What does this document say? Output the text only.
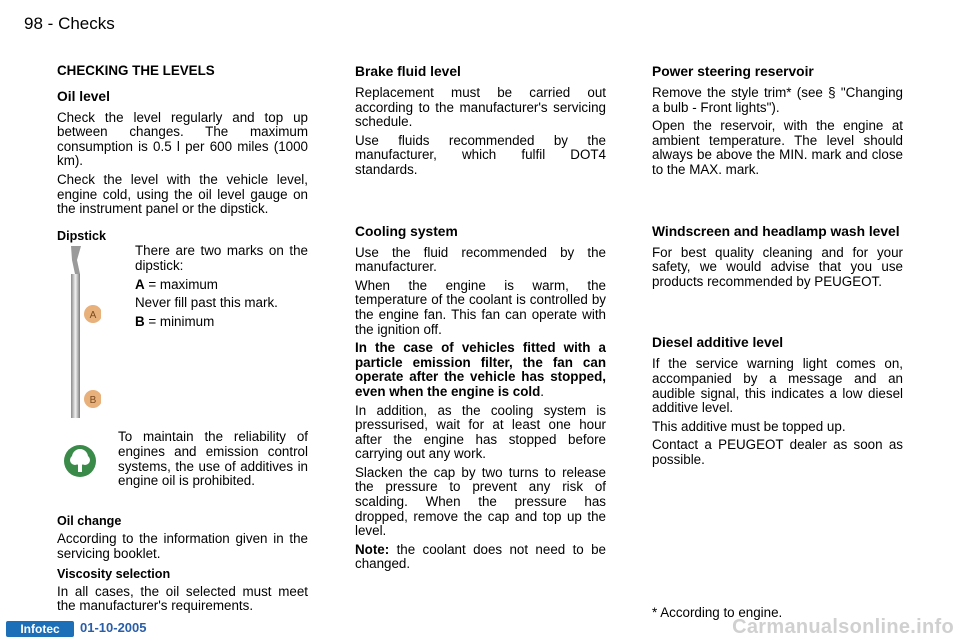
98 - Checks
CHECKING THE LEVELS
Oil level

Check the level regularly and top up between changes. The maximum consumption is 0.5 l per 600 miles (1000 km).

Check the level with the vehicle level, engine cold, using the oil level gauge on the instrument panel or the dipstick.

Dipstick
A
B

There are two marks on the dipstick:

A = maximum

Never fill past this mark.

B = minimum

To maintain the reliability of engines and emission control systems, the use of additives in engine oil is prohibited.
Oil change

According to the information given in the servicing booklet.

Viscosity selection

In all cases, the oil selected must meet the manufacturer's requirements.

Brake fluid level

Replacement must be carried out according to the manufacturer's servicing schedule.

Use fluids recommended by the manufacturer, which fulfil DOT4 standards.

Cooling system

Use the fluid recommended by the manufacturer.

When the engine is warm, the temperature of the coolant is controlled by the engine fan. This fan can operate with the ignition off.

In the case of vehicles fitted with a particle emission filter, the fan can operate after the vehicle has stopped, even when the engine is cold.

In addition, as the cooling system is pressurised, wait for at least one hour after the engine has stopped before carrying out any work.

Slacken the cap by two turns to release the pressure to prevent any risk of scalding. When the pressure has dropped, remove the cap and top up the level.

Note: the coolant does not need to be changed.

Power steering reservoir

Remove the style trim* (see § "Changing a bulb - Front lights").

Open the reservoir, with the engine at ambient temperature. The level should always be above the MIN. mark and close to the MAX. mark.

Windscreen and headlamp wash level

For best quality cleaning and for your safety, we would advise that you use products recommended by PEUGEOT.

Diesel additive level

If the service warning light comes on, accompanied by a message and an audible signal, this indicates a low diesel additive level.

This additive must be topped up.

Contact a PEUGEOT dealer as soon as possible.

* According to engine.
Infotec	01-10-2005	Carmanualsonline.info
